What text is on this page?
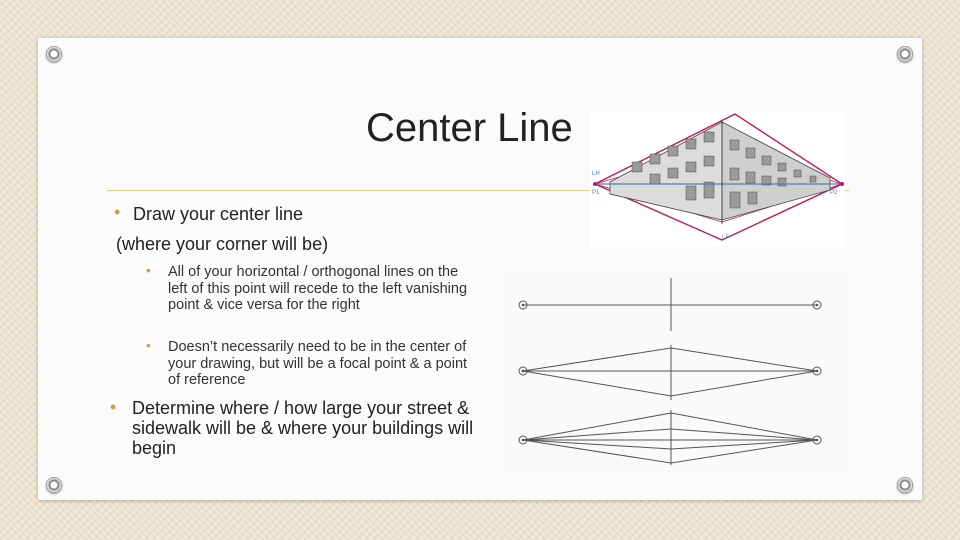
Center Line
• Draw your center line

(where your corner will be)

• All of your horizontal / orthogonal lines on the left of this point will recede to the left vanishing point & vice versa for the right

• Doesn’t necessarily need to be in the center of your drawing, but will be a focal point & a point of reference

• Determine where / how large your street & sidewalk will be & where your buildings will begin

LH
P1	P2
LF
